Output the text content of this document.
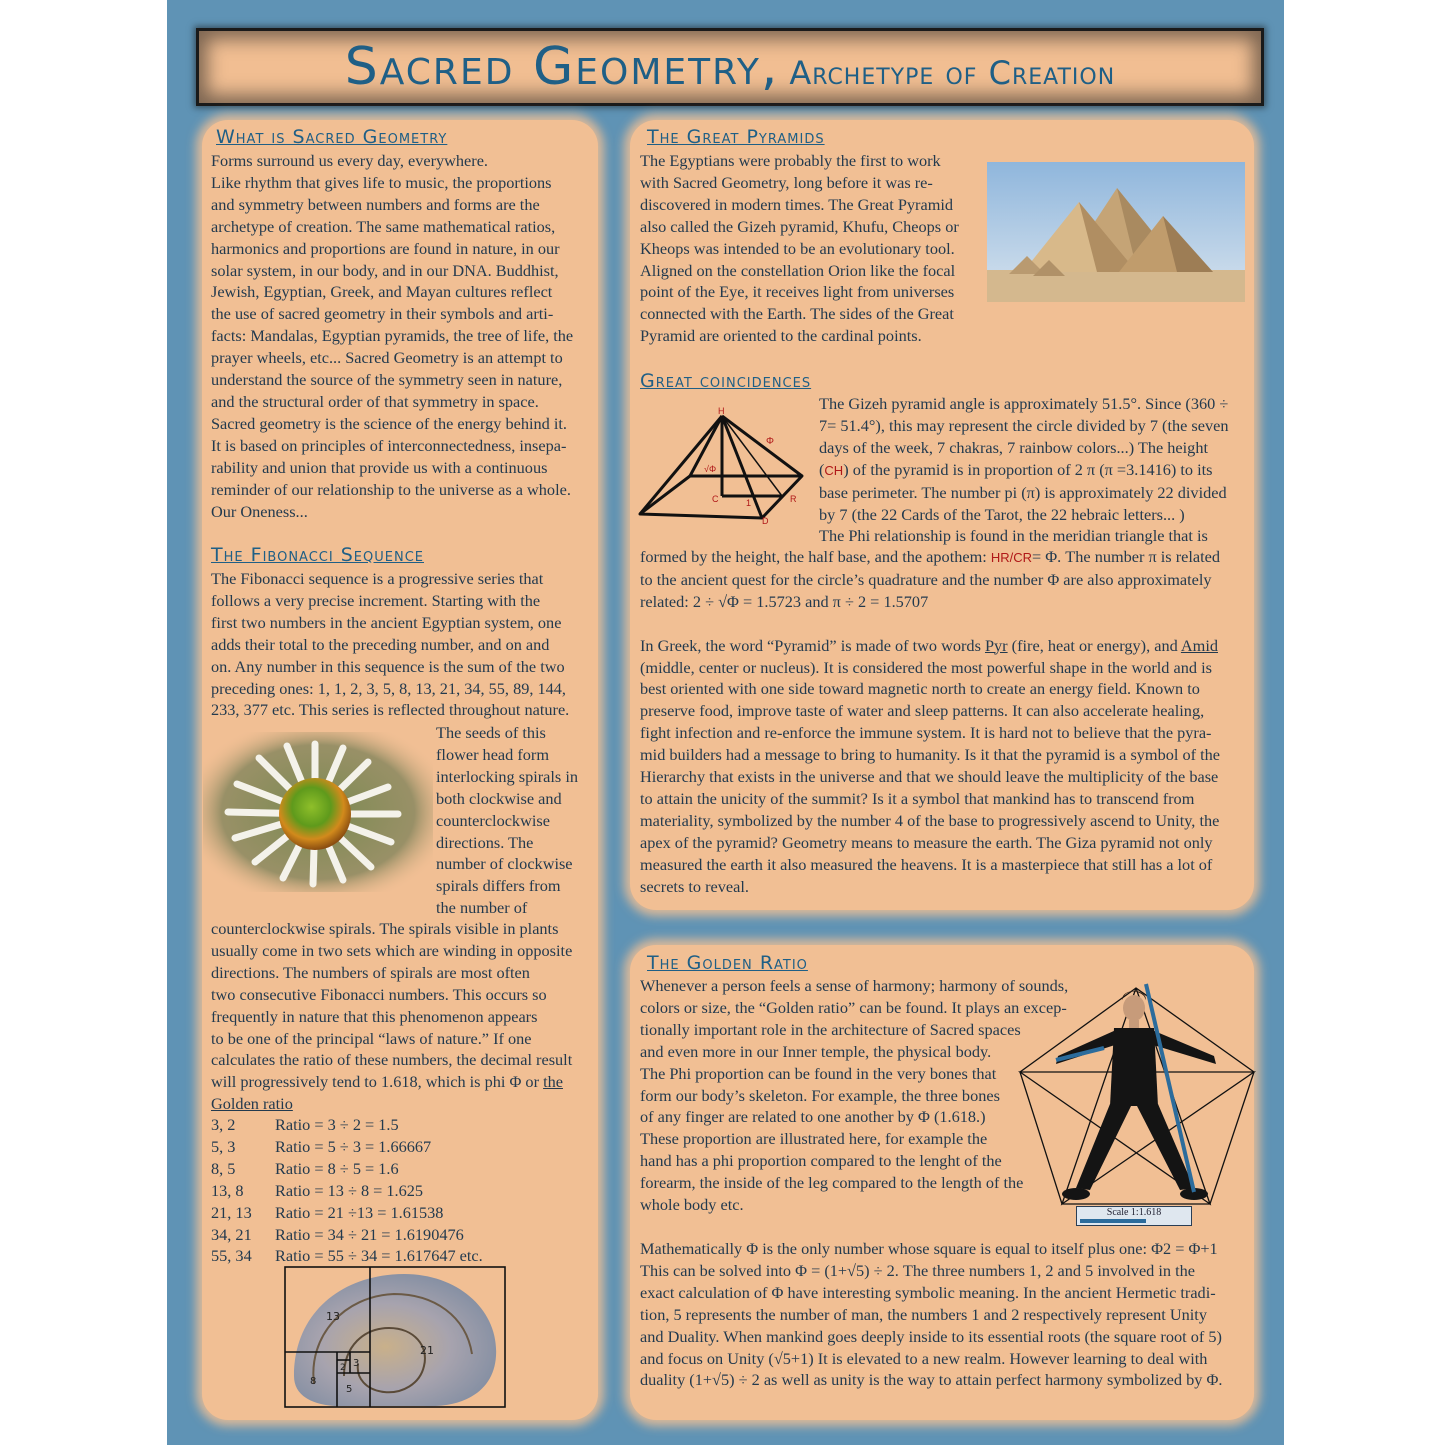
Sacred Geometry, Archetype of Creation
What is Sacred Geometry

Forms surround us every day, everywhere.

Like rhythm that gives life to music, the proportions

and symmetry between numbers and forms are the

archetype of creation. The same mathematical ratios,

harmonics and proportions are found in nature, in our

solar system, in our body, and in our DNA. Buddhist,

Jewish, Egyptian, Greek, and Mayan cultures reflect

the use of sacred geometry in their symbols and arti-

facts: Mandalas, Egyptian pyramids, the tree of life, the

prayer wheels, etc... Sacred Geometry is an attempt to

understand the source of the symmetry seen in nature,

and the structural order of that symmetry in space.

Sacred geometry is the science of the energy behind it.

It is based on principles of interconnectedness, insepa-

rability and union that provide us with a continuous

reminder of our relationship to the universe as a whole.

Our Oneness...

The Fibonacci Sequence

The Fibonacci sequence is a progressive series that

follows a very precise increment. Starting with the

first two numbers in the ancient Egyptian system, one

adds their total to the preceding number, and on and

on. Any number in this sequence is the sum of the two

preceding ones: 1, 1, 2, 3, 5, 8, 13, 21, 34, 55, 89, 144,

233, 377 etc. This series is reflected throughout nature.

The seeds of this

flower head form

interlocking spirals in

both clockwise and

counterclockwise

directions. The

number of clockwise

spirals differs from

the number of

counterclockwise spirals. The spirals visible in plants

usually come in two sets which are winding in opposite

directions. The numbers of spirals are most often

two consecutive Fibonacci numbers. This occurs so

frequently in nature that this phenomenon appears

to be one of the principal “laws of nature.” If one

calculates the ratio of these numbers, the decimal result

will progressively tend to 1.618, which is phi Φ or the

Golden ratio

3, 2	Ratio = 3 ÷ 2 = 1.5
5, 3	Ratio = 5 ÷ 3 = 1.66667
8, 5	Ratio = 8 ÷ 5 = 1.6
13, 8	Ratio = 13 ÷ 8 = 1.625
21, 13	Ratio = 21 ÷13 = 1.61538
34, 21	Ratio = 34 ÷ 21 = 1.6190476
55, 34	Ratio = 55 ÷ 34 = 1.617647 etc.
13
21
3
8
2
5
The Great Pyramids

The Egyptians were probably the first to work

with Sacred Geometry, long before it was re-

discovered in modern times. The Great Pyramid

also called the Gizeh pyramid, Khufu, Cheops or

Kheops was intended to be an evolutionary tool.

Aligned on the constellation Orion like the focal

point of the Eye, it receives light from universes

connected with the Earth. The sides of the Great

Pyramid are oriented to the cardinal points.

Great coincidences
H
Φ
√Φ
C	1	R
D

The Gizeh pyramid angle is approximately 51.5°. Since (360 ÷

7= 51.4°), this may represent the circle divided by 7 (the seven

days of the week, 7 chakras, 7 rainbow colors...) The height

(CH) of the pyramid is in proportion of 2 π (π =3.1416) to its

base perimeter. The number pi (π) is approximately 22 divided

by 7 (the 22 Cards of the Tarot, the 22 hebraic letters... )

The Phi relationship is found in the meridian triangle that is

formed by the height, the half base, and the apothem: HR/CR= Φ. The number π is related

to the ancient quest for the circle’s quadrature and the number Φ are also approximately

related: 2 ÷ √Φ = 1.5723 and π ÷ 2 = 1.5707

In Greek, the word “Pyramid” is made of two words Pyr (fire, heat or energy), and Amid

(middle, center or nucleus). It is considered the most powerful shape in the world and is

best oriented with one side toward magnetic north to create an energy field. Known to

preserve food, improve taste of water and sleep patterns. It can also accelerate healing,

fight infection and re-enforce the immune system. It is hard not to believe that the pyra-

mid builders had a message to bring to humanity. Is it that the pyramid is a symbol of the

Hierarchy that exists in the universe and that we should leave the multiplicity of the base

to attain the unicity of the summit? Is it a symbol that mankind has to transcend from

materiality, symbolized by the number 4 of the base to progressively ascend to Unity, the

apex of the pyramid? Geometry means to measure the earth. The Giza pyramid not only

measured the earth it also measured the heavens. It is a masterpiece that still has a lot of

secrets to reveal.

The Golden Ratio

Whenever a person feels a sense of harmony; harmony of sounds,

colors or size, the “Golden ratio” can be found. It plays an excep-

tionally important role in the architecture of Sacred spaces

and even more in our Inner temple, the physical body.

The Phi proportion can be found in the very bones that

form our body’s skeleton. For example, the three bones

of any finger are related to one another by Φ (1.618.)

These proportion are illustrated here, for example the

hand has a phi proportion compared to the lenght of the

forearm, the inside of the leg compared to the length of the

whole body etc.	Scale 1:1.618

Mathematically Φ is the only number whose square is equal to itself plus one: Φ2 = Φ+1

This can be solved into Φ = (1+√5) ÷ 2. The three numbers 1, 2 and 5 involved in the

exact calculation of Φ have interesting symbolic meaning. In the ancient Hermetic tradi-

tion, 5 represents the number of man, the numbers 1 and 2 respectively represent Unity

and Duality. When mankind goes deeply inside to its essential roots (the square root of 5)

and focus on Unity (√5+1) It is elevated to a new realm. However learning to deal with

duality (1+√5) ÷ 2 as well as unity is the way to attain perfect harmony symbolized by Φ.
